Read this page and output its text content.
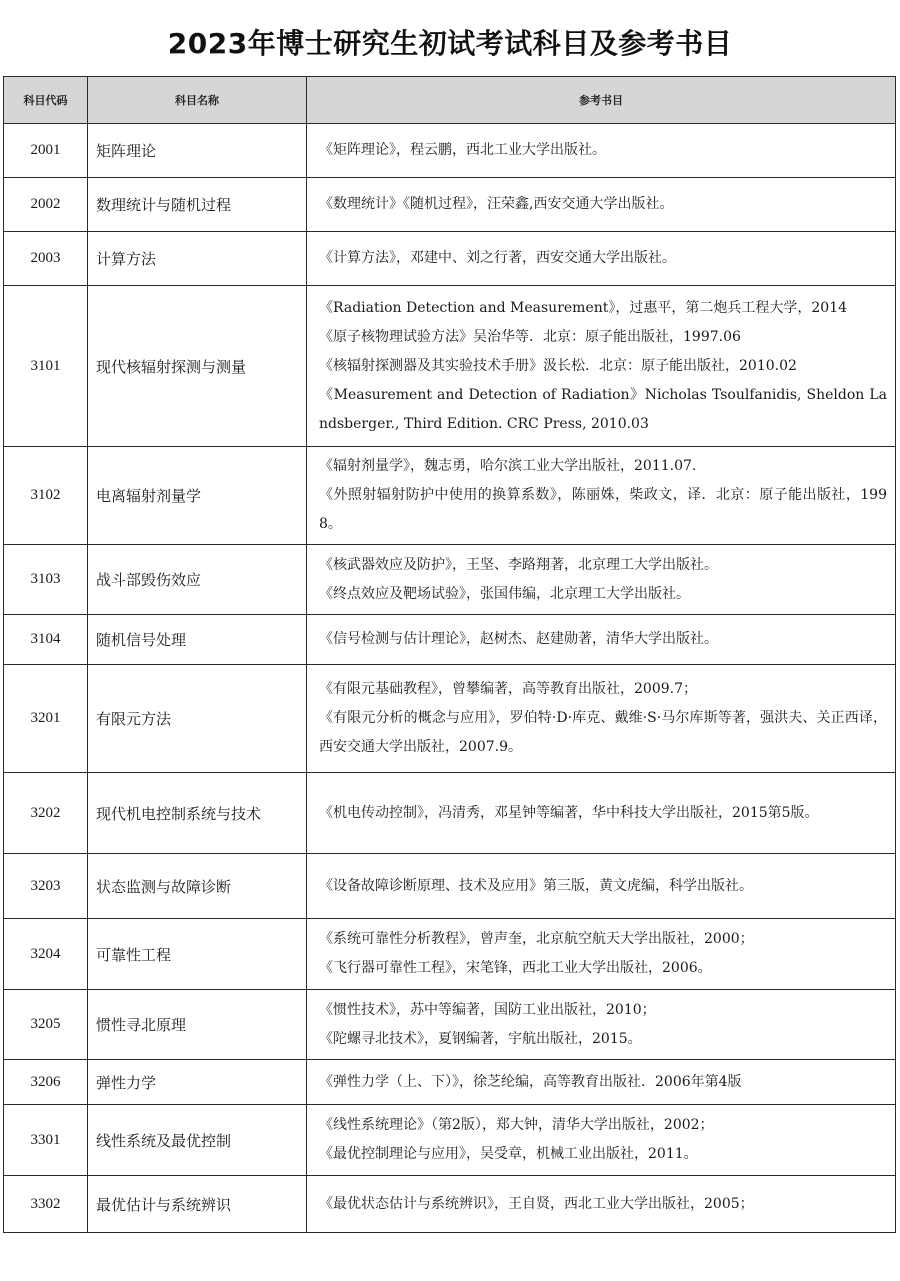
2023年博士研究生初试考试科目及参考书目
科目代码	科目名称	参考书目
2001	矩阵理论	《矩阵理论》，程云鹏，西北工业大学出版社。

2002	数理统计与随机过程	《数理统计》《随机过程》，汪荣鑫,西安交通大学出版社。

2003	计算方法	《计算方法》，邓建中、刘之行著，西安交通大学出版社。

3101	现代核辐射探测与测量	《Radiation Detection and Measurement》，过惠平，第二炮兵工程大学，2014
《原子核物理试验方法》吴治华等．北京：原子能出版社，1997.06
《核辐射探测器及其实验技术手册》汲长松．北京：原子能出版社，2010.02
《Measurement and Detection of Radiation》Nicholas Tsoulfanidis, Sheldon Landsberger., Third Edition. CRC Press, 2010.03

3102	电离辐射剂量学	《辐射剂量学》，魏志勇，哈尔滨工业大学出版社，2011.07.
《外照射辐射防护中使用的换算系数》，陈丽姝，柴政文，译．北京：原子能出版社，1998。

3103	战斗部毁伤效应	《核武器效应及防护》，王坚、李路翔著，北京理工大学出版社。
《终点效应及靶场试验》，张国伟编，北京理工大学出版社。

3104	随机信号处理	《信号检测与估计理论》，赵树杰、赵建勋著，清华大学出版社。

3201	有限元方法	《有限元基础教程》，曾攀编著，高等教育出版社，2009.7；
《有限元分析的概念与应用》，罗伯特·D·库克、戴维·S·马尔库斯等著，强洪夫、关正西译，西安交通大学出版社，2007.9。

3202	现代机电控制系统与技术	《机电传动控制》，冯清秀，邓星钟等编著，华中科技大学出版社，2015第5版。

3203	状态监测与故障诊断	《设备故障诊断原理、技术及应用》第三版，黄文虎编，科学出版社。

3204	可靠性工程	《系统可靠性分析教程》，曾声奎，北京航空航天大学出版社，2000；
《飞行器可靠性工程》，宋笔锋，西北工业大学出版社，2006。

3205	惯性寻北原理	《惯性技术》，苏中等编著，国防工业出版社，2010；
《陀螺寻北技术》，夏钢编著，宇航出版社，2015。

3206	弹性力学	《弹性力学（上、下）》，徐芝纶编，高等教育出版社．2006年第4版

3301	线性系统及最优控制	《线性系统理论》（第2版），郑大钟，清华大学出版社，2002；
《最优控制理论与应用》，吴受章，机械工业出版社，2011。

3302	最优估计与系统辨识	《最优状态估计与系统辨识》，王自贤，西北工业大学出版社，2005；
